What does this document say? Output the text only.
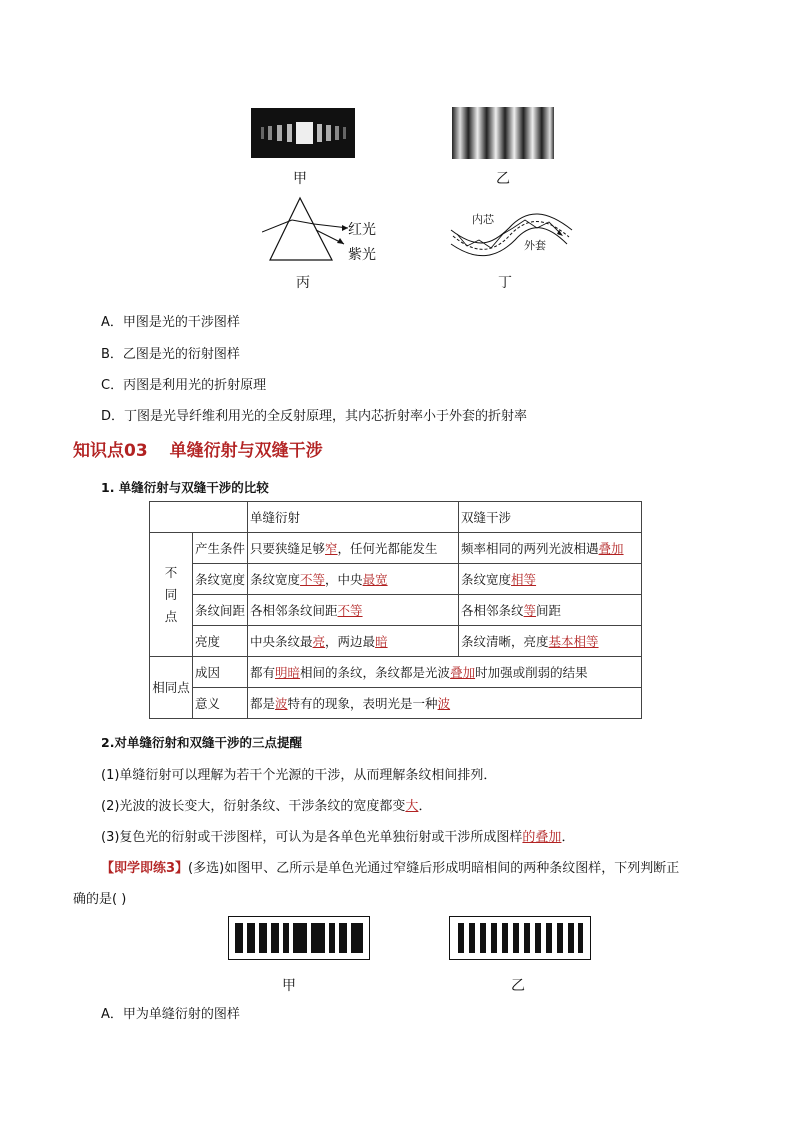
甲	乙
红光
紫光
丙
内芯
外套
丁
A．甲图是光的干涉图样
B．乙图是光的衍射图样
C．丙图是利用光的折射原理
D．丁图是光导纤维利用光的全反射原理，其内芯折射率小于外套的折射率
知识点03 单缝衍射与双缝干涉
1. 单缝衍射与双缝干涉的比较
		单缝衍射	双缝干涉
不
同
点	产生条件	只要狭缝足够窄，任何光都能发生	频率相同的两列光波相遇叠加
	条纹宽度	条纹宽度不等，中央最宽	条纹宽度相等
	条纹间距	各相邻条纹间距不等	各相邻条纹等间距
	亮度	中央条纹最亮，两边最暗	条纹清晰，亮度基本相等
相同点	成因	都有明暗相间的条纹，条纹都是光波叠加时加强或削弱的结果	
	意义	都是波特有的现象，表明光是一种波	
2.对单缝衍射和双缝干涉的三点提醒
(1)单缝衍射可以理解为若干个光源的干涉，从而理解条纹相间排列．
(2)光波的波长变大，衍射条纹、干涉条纹的宽度都变大．
(3)复色光的衍射或干涉图样，可认为是各单色光单独衍射或干涉所成图样的叠加．
【即学即练3】(多选)如图甲、乙所示是单色光通过窄缝后形成明暗相间的两种条纹图样，下列判断正
确的是( )
甲	乙
A．甲为单缝衍射的图样
